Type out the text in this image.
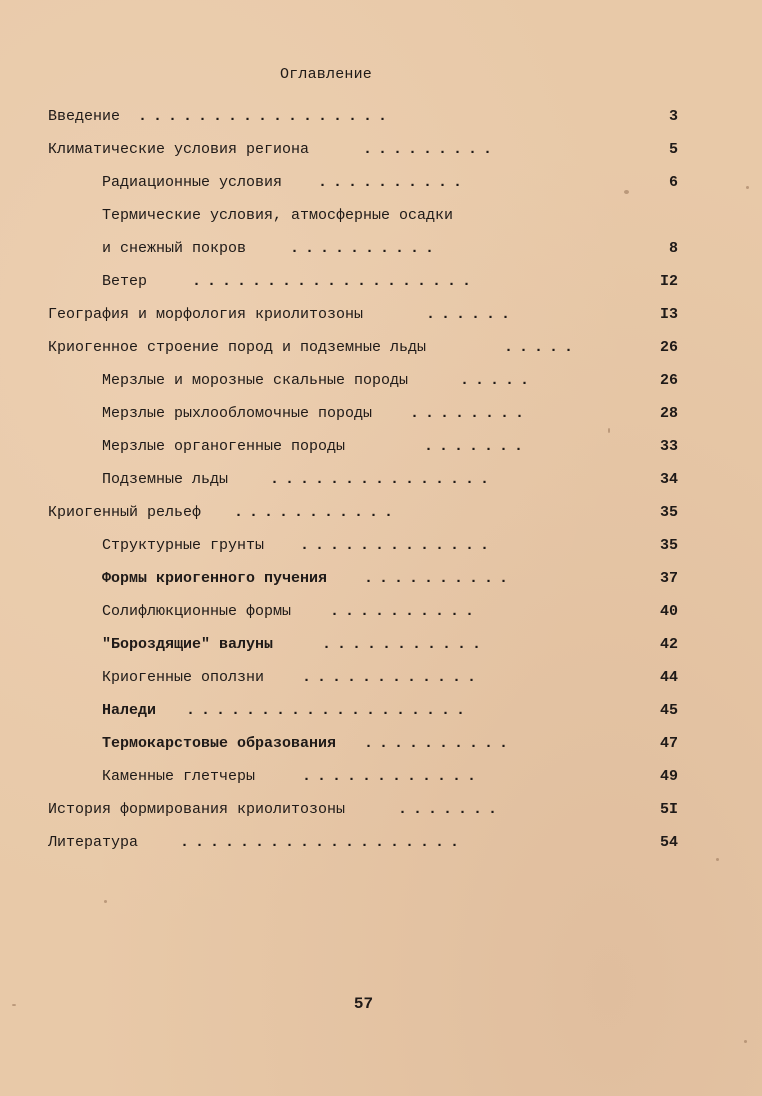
Оглавление
Введение .................	3
Климатические условия региона	.........	5
Радиационные условия ..........	6
Термические условия, атмосферные осадки
и снежный покров	..........	8
Ветер	...................	I2
География и морфология криолитозоны	......	I3
Криогенное строение пород и подземные льды	.....	26
Мерзлые и морозные скальные породы	.....	26
Мерзлые рыхлообломочные породы	........	28
Мерзлые органогенные породы	.......	33
Подземные льды	...............	34
Криогенный рельеф ...........	35
Структурные грунты .............	35
Формы криогенного пучения ..........	37
Солифлюкционные формы	..........	40
"Бороздящие" валуны	...........	42
Криогенные оползни	............	44
Наледи ...................	45
Термокарстовые образования ..........	47
Каменные глетчеры	............	49
История формирования криолитозоны	.......	5I
Литература	...................	54
57
